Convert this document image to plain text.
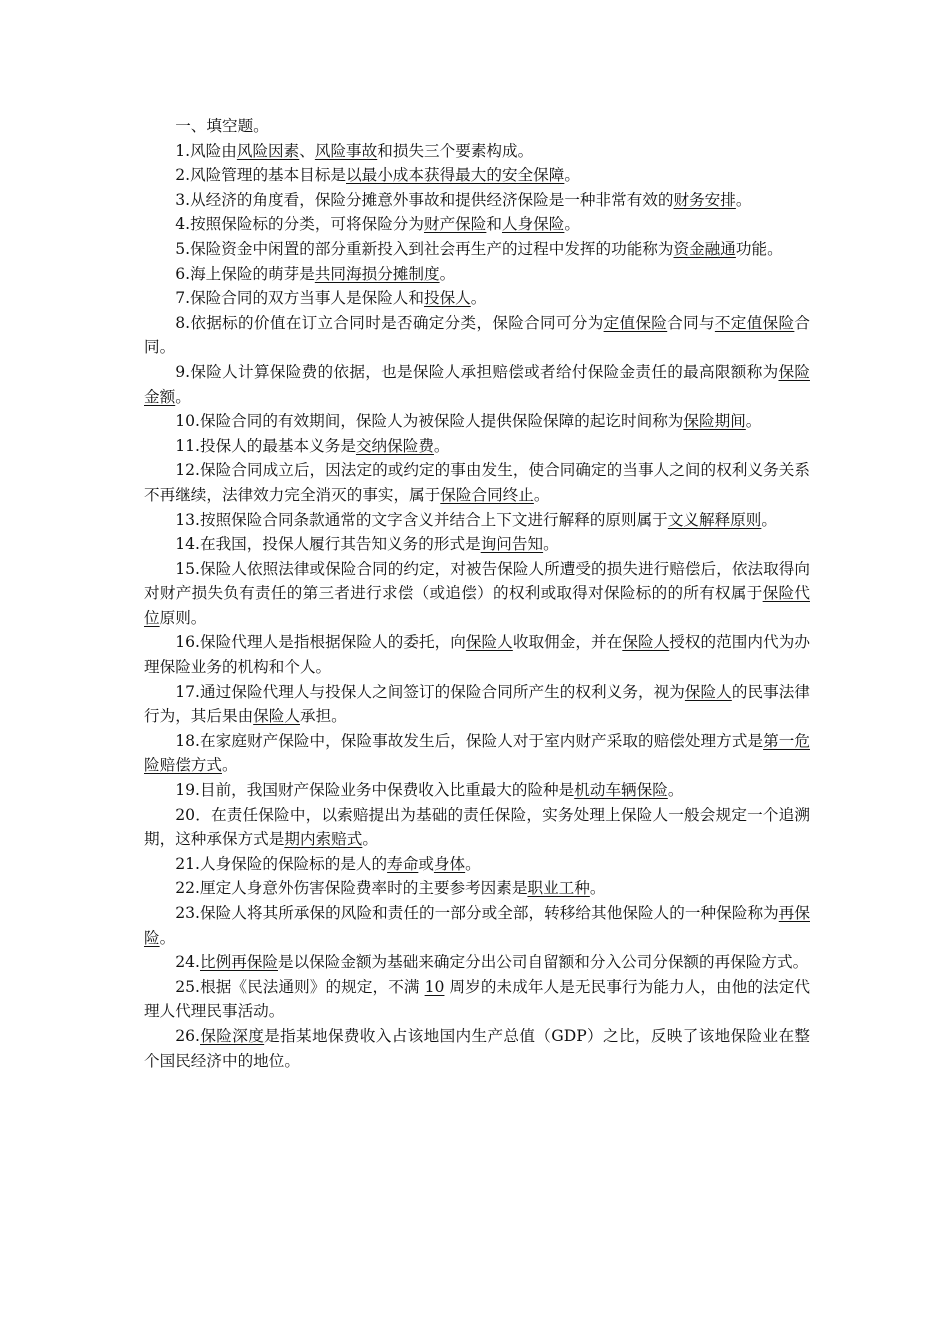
一、填空题。

1.风险由风险因素、风险事故和损失三个要素构成。

2.风险管理的基本目标是以最小成本获得最大的安全保障。

3.从经济的角度看，保险分摊意外事故和提供经济保险是一种非常有效的财务安排。

4.按照保险标的分类，可将保险分为财产保险和人身保险。

5.保险资金中闲置的部分重新投入到社会再生产的过程中发挥的功能称为资金融通功能。

6.海上保险的萌芽是共同海损分摊制度。

7.保险合同的双方当事人是保险人和投保人。

8.依据标的价值在订立合同时是否确定分类，保险合同可分为定值保险合同与不定值保险合同。

9.保险人计算保险费的依据，也是保险人承担赔偿或者给付保险金责任的最高限额称为保险金额。

10.保险合同的有效期间，保险人为被保险人提供保险保障的起讫时间称为保险期间。

11.投保人的最基本义务是交纳保险费。

12.保险合同成立后，因法定的或约定的事由发生，使合同确定的当事人之间的权利义务关系不再继续，法律效力完全消灭的事实，属于保险合同终止。

13.按照保险合同条款通常的文字含义并结合上下文进行解释的原则属于文义解释原则。

14.在我国，投保人履行其告知义务的形式是询问告知。

15.保险人依照法律或保险合同的约定，对被告保险人所遭受的损失进行赔偿后，依法取得向对财产损失负有责任的第三者进行求偿（或追偿）的权利或取得对保险标的的所有权属于保险代位原则。

16.保险代理人是指根据保险人的委托，向保险人收取佣金，并在保险人授权的范围内代为办理保险业务的机构和个人。

17.通过保险代理人与投保人之间签订的保险合同所产生的权利义务，视为保险人的民事法律行为，其后果由保险人承担。

18.在家庭财产保险中，保险事故发生后，保险人对于室内财产采取的赔偿处理方式是第一危险赔偿方式。

19.目前，我国财产保险业务中保费收入比重最大的险种是机动车辆保险。

20．在责任保险中，以索赔提出为基础的责任保险，实务处理上保险人一般会规定一个追溯期，这种承保方式是期内索赔式。

21.人身保险的保险标的是人的寿命或身体。

22.厘定人身意外伤害保险费率时的主要参考因素是职业工种。

23.保险人将其所承保的风险和责任的一部分或全部，转移给其他保险人的一种保险称为再保险。

24.比例再保险是以保险金额为基础来确定分出公司自留额和分入公司分保额的再保险方式。

25.根据《民法通则》的规定，不满 10 周岁的未成年人是无民事行为能力人，由他的法定代理人代理民事活动。

26.保险深度是指某地保费收入占该地国内生产总值（GDP）之比，反映了该地保险业在整个国民经济中的地位。
